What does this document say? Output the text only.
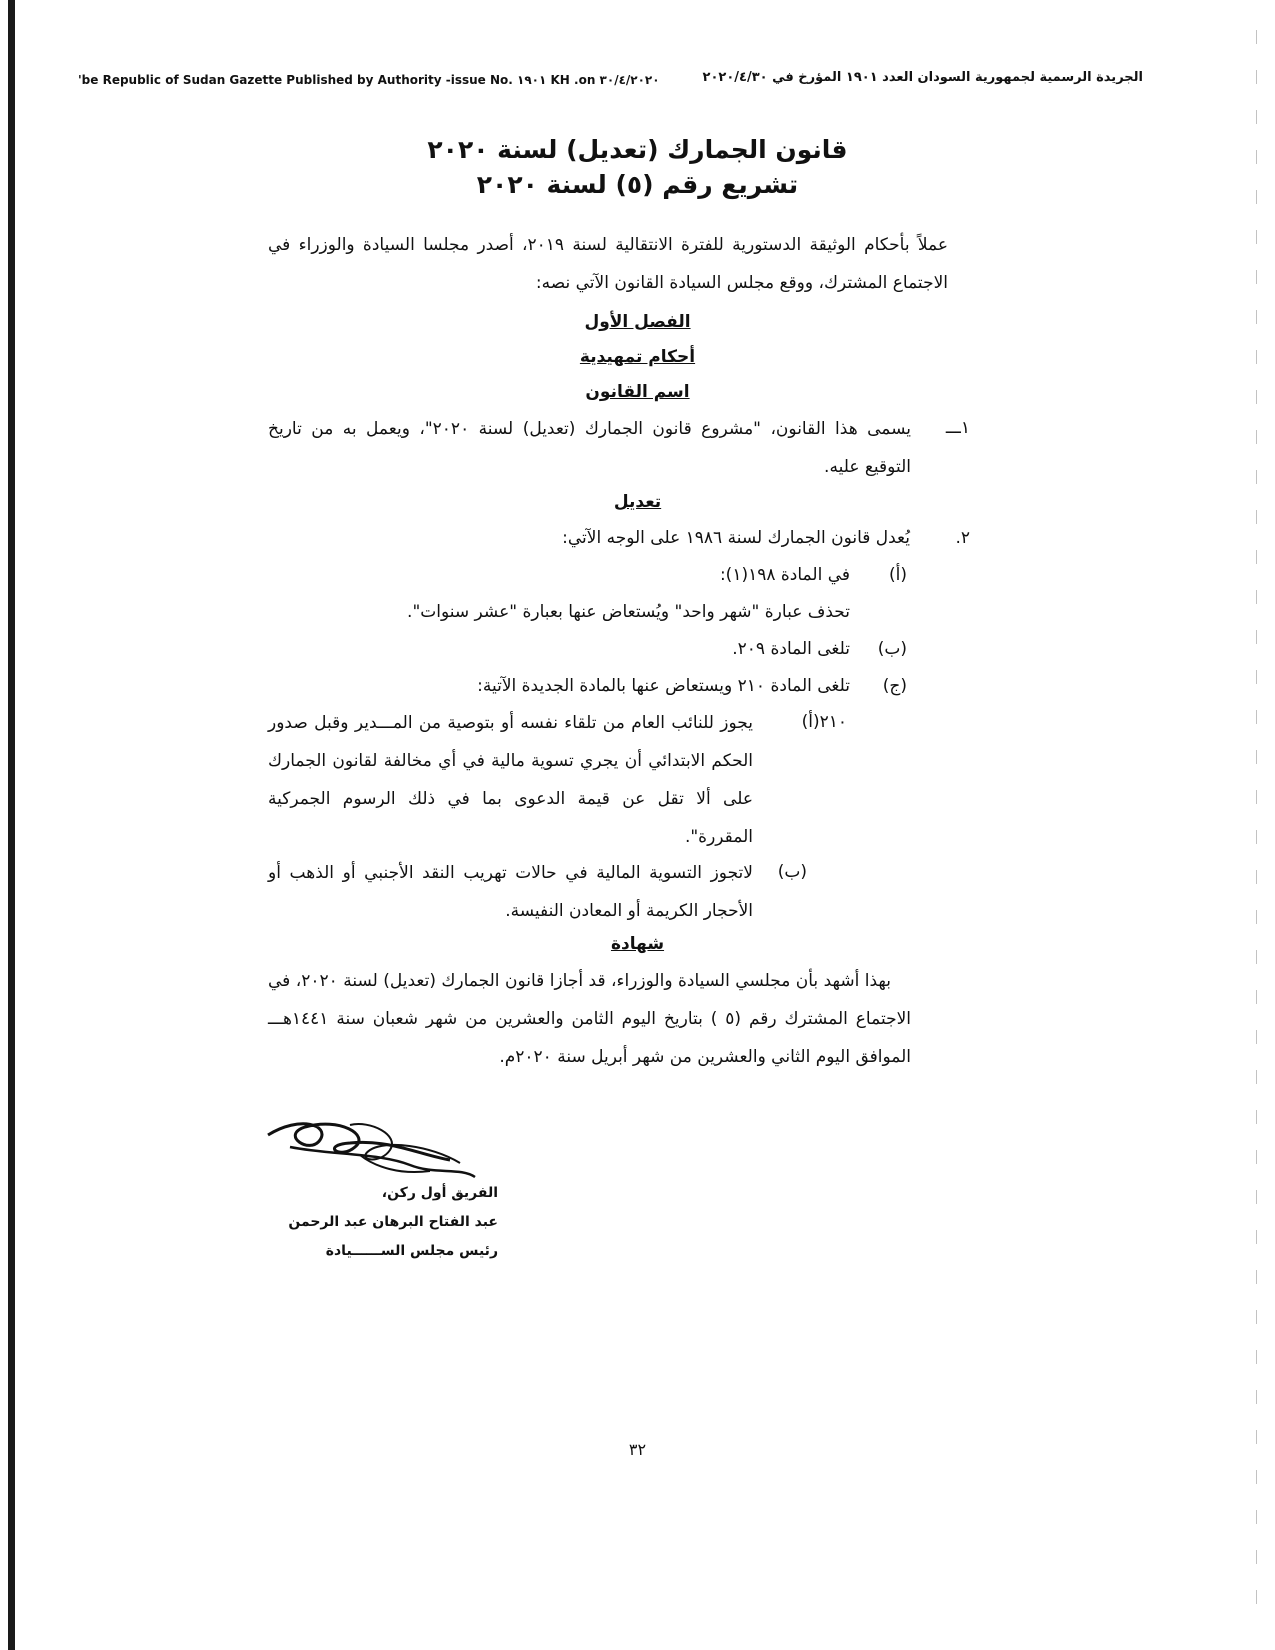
'be Republic of Sudan Gazette Published by Authority -issue No. ١٩٠١ KH .on ٣٠/٤/٢٠٢٠	الجريدة الرسمية لجمهورية السودان العدد ١٩٠١ المؤرخ في ٢٠٢٠/٤/٣٠
قانون الجمارك (تعديل) لسنة ٢٠٢٠
تشريع رقم (٥) لسنة ٢٠٢٠
عملاً بأحكام الوثيقة الدستورية للفترة الانتقالية لسنة ٢٠١٩، أصدر مجلسا السيادة والوزراء في الاجتماع المشترك، ووقع مجلس السيادة القانون الآتي نصه:
الفصل الأول
أحكام تمهيدية
اسم القانون
١ـــ
يسمى هذا القانون، "مشروع قانون الجمارك (تعديل) لسنة ٢٠٢٠"، ويعمل به من تاريخ التوقيع عليه.
تعديل
٢.
يُعدل قانون الجمارك لسنة ١٩٨٦ على الوجه الآتي:
(أ)
في المادة ١٩٨(١):
تحذف عبارة "شهر واحد" ويُستعاض عنها بعبارة "عشر سنوات".
(ب)
تلغى المادة ٢٠٩.
(ج)
تلغى المادة ٢١٠ ويستعاض عنها بالمادة الجديدة الآتية:
٢١٠(أ)
يجوز للنائب العام من تلقاء نفسه أو بتوصية من المـــدير وقبل صدور الحكم الابتدائي أن يجري تسوية مالية في أي مخالفة لقانون الجمارك على ألا تقل عن قيمة الدعوى بما في ذلك الرسوم الجمركية المقررة".
(ب)
لاتجوز التسوية المالية في حالات تهريب النقد الأجنبي أو الذهب أو الأحجار الكريمة أو المعادن النفيسة.
شهادة
بهذا أشهد بأن مجلسي السيادة والوزراء، قد أجازا قانون الجمارك (تعديل) لسنة ٢٠٢٠، في الاجتماع المشترك رقم (٥ ) بتاريخ اليوم الثامن والعشرين من شهر شعبان سنة ١٤٤١هـــ الموافق اليوم الثاني والعشرين من شهر أبريل سنة ٢٠٢٠م.
الفريق أول ركن،
عبد الفتاح البرهان عبد الرحمن
رئيس مجلس الســــــيادة
٣٢
